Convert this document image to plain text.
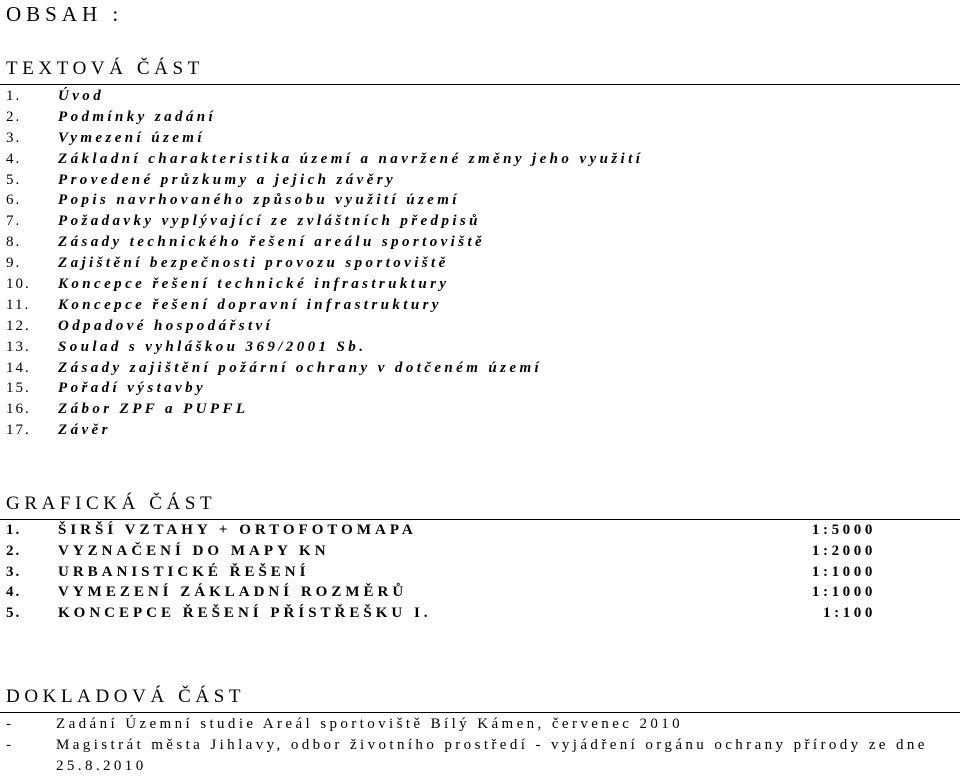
OBSAH :
TEXTOVÁ ČÁST
1. Úvod
2. Podmínky zadání
3. Vymezení území
4. Základní charakteristika území a navržené změny jeho využití
5. Provedené průzkumy a jejich závěry
6. Popis navrhovaného způsobu využití území
7. Požadavky vyplývající ze zvláštních předpisů
8. Zásady technického řešení areálu sportoviště
9. Zajištění bezpečnosti provozu sportoviště
10. Koncepce řešení technické infrastruktury
11. Koncepce řešení dopravní infrastruktury
12. Odpadové hospodářství
13. Soulad s vyhláškou 369/2001 Sb.
14. Zásady zajištění požární ochrany v dotčeném území
15. Pořadí výstavby
16. Zábor ZPF a PUPFL
17. Závěr
GRAFICKÁ ČÁST
1. ŠIRŠÍ VZTAHY + ORTOFOTOMAPA	1:5000
2. VYZNAČENÍ DO MAPY KN	1:2000
3. URBANISTICKÉ ŘEŠENÍ	1:1000
4. VYMEZENÍ ZÁKLADNÍ ROZMĚRŮ	1:1000
5. KONCEPCE ŘEŠENÍ PŘÍSTŘEŠKU I.	1:100
DOKLADOVÁ ČÁST
-	Zadání Územní studie Areál sportoviště Bílý Kámen, červenec 2010
-	Magistrát města Jihlavy, odbor životního prostředí - vyjádření orgánu ochrany přírody ze dne 25.8.2010
